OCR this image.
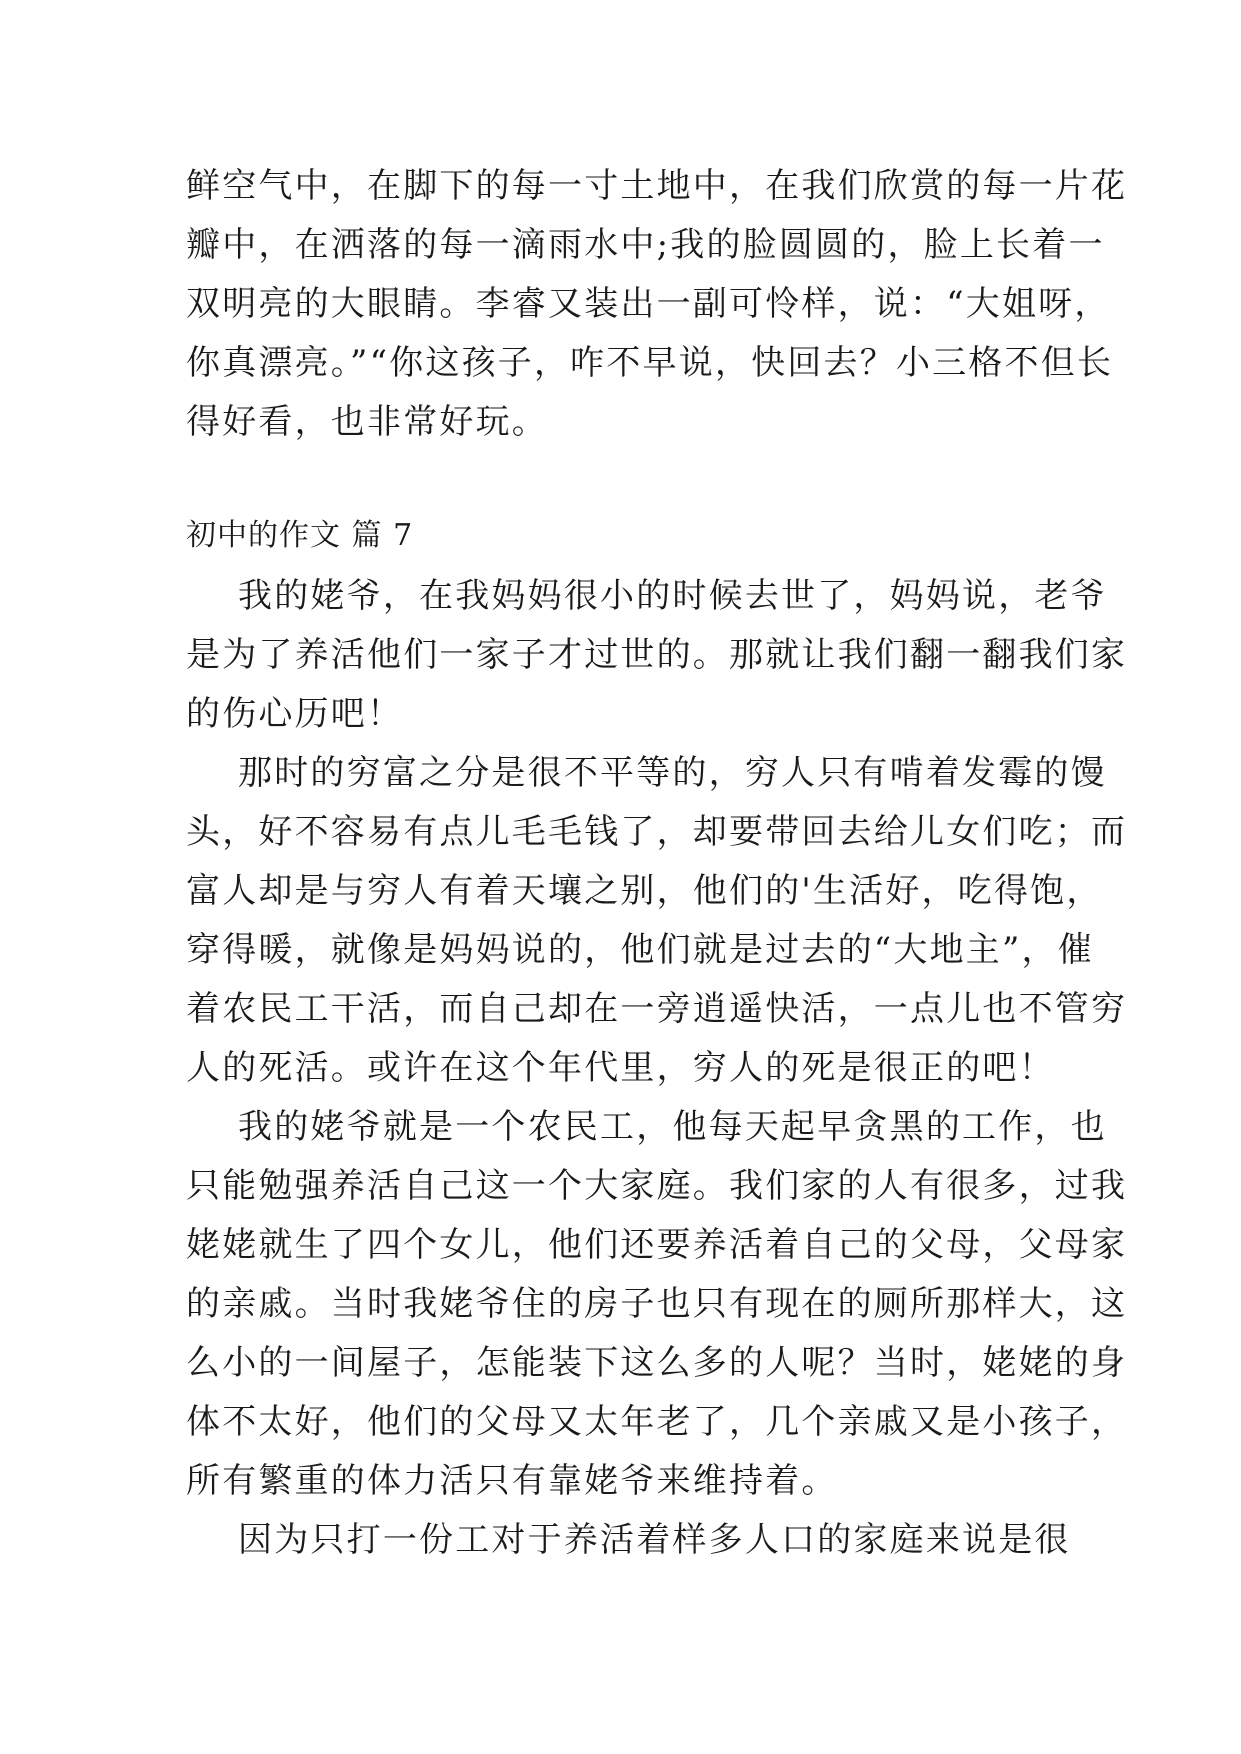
鲜空气中，在脚下的每一寸土地中，在我们欣赏的每一片花
瓣中，在洒落的每一滴雨水中;我的脸圆圆的，脸上长着一
双明亮的大眼睛。李睿又装出一副可怜样，说：“大姐呀，
你真漂亮。”“你这孩子，咋不早说，快回去？小三格不但长
得好看，也非常好玩。
初中的作文 篇 7
我的姥爷，在我妈妈很小的时候去世了，妈妈说，老爷
是为了养活他们一家子才过世的。那就让我们翻一翻我们家
的伤心历吧！
那时的穷富之分是很不平等的，穷人只有啃着发霉的馒
头，好不容易有点儿毛毛钱了，却要带回去给儿女们吃；而
富人却是与穷人有着天壤之别，他们的'生活好，吃得饱，
穿得暖，就像是妈妈说的，他们就是过去的“大地主”，催
着农民工干活，而自己却在一旁逍遥快活，一点儿也不管穷
人的死活。或许在这个年代里，穷人的死是很正的吧！
我的姥爷就是一个农民工，他每天起早贪黑的工作，也
只能勉强养活自己这一个大家庭。我们家的人有很多，过我
姥姥就生了四个女儿，他们还要养活着自己的父母，父母家
的亲戚。当时我姥爷住的房子也只有现在的厕所那样大，这
么小的一间屋子，怎能装下这么多的人呢？当时，姥姥的身
体不太好，他们的父母又太年老了，几个亲戚又是小孩子，
所有繁重的体力活只有靠姥爷来维持着。
因为只打一份工对于养活着样多人口的家庭来说是很
